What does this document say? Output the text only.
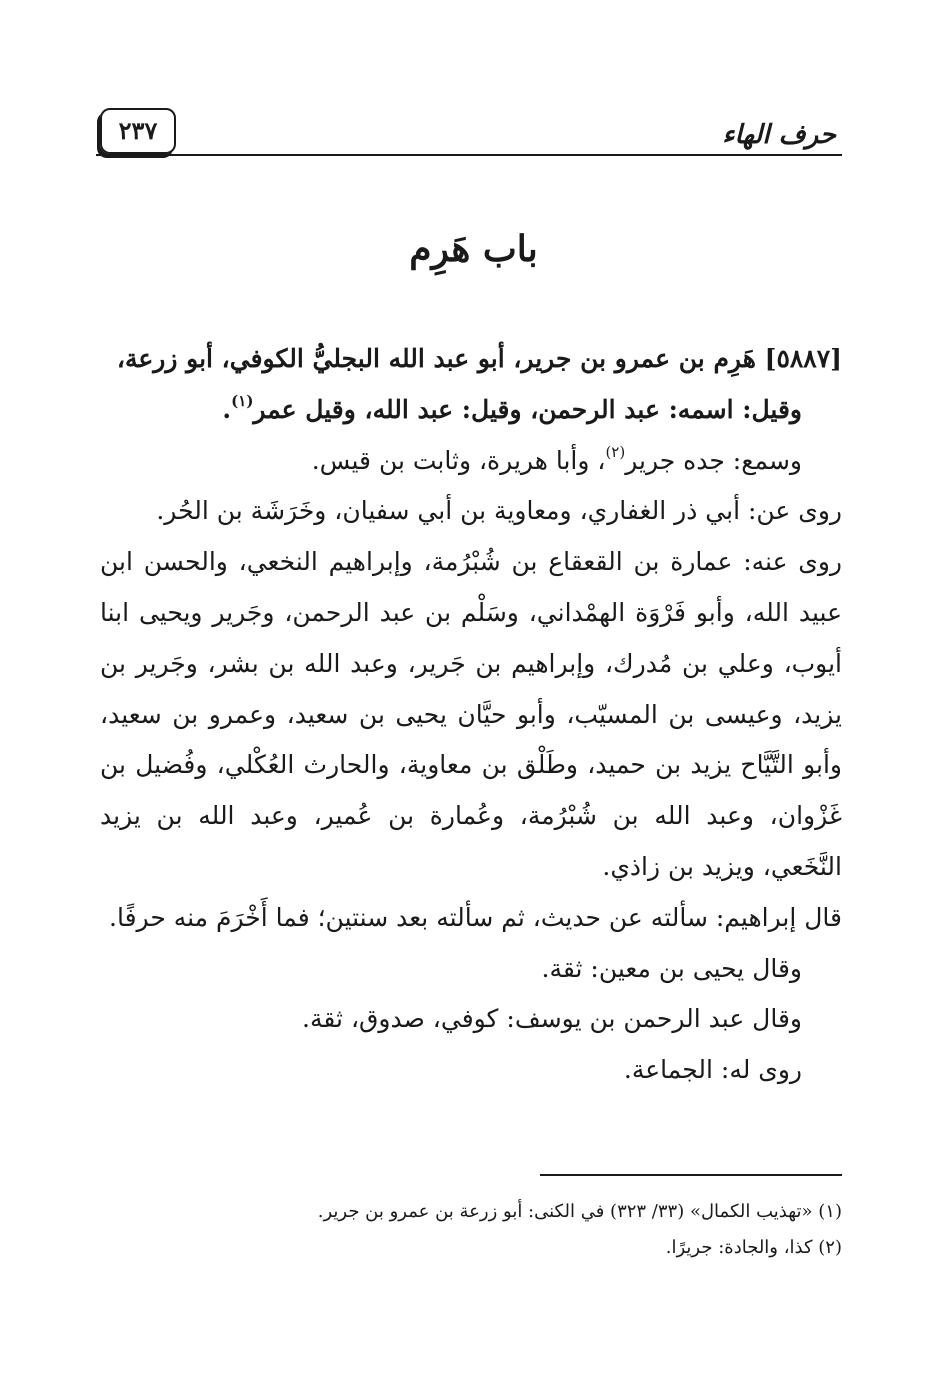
حرف الهاء
٢٣٧
باب هَرِم

[٥٨٨٧] هَرِم بن عمرو بن جرير، أبو عبد الله البجليُّ الكوفي، أبو زرعة،

وقيل: اسمه: عبد الرحمن، وقيل: عبد الله، وقيل عمر$^{(١)}$.

وسمع: جده جرير$^{(٢)}$، وأبا هريرة، وثابت بن قيس.

روى عن: أبي ذر الغفاري، ومعاوية بن أبي سفيان، وخَرَشَة بن الحُر.

روى عنه: عمارة بن القعقاع بن شُبْرُمة، وإبراهيم النخعي، والحسن ابن عبيد الله، وأبو فَرْوَة الهمْداني، وسَلْم بن عبد الرحمن، وجَرير ويحيى ابنا أيوب، وعلي بن مُدرك، وإبراهيم بن جَرير، وعبد الله بن بشر، وجَرير بن يزيد، وعيسى بن المسيّب، وأبو حيَّان يحيى بن سعيد، وعمرو بن سعيد، وأبو التَّيَّاح يزيد بن حميد، وطَلْق بن معاوية، والحارث العُكْلي، وفُضيل بن غَزْوان، وعبد الله بن شُبْرُمة، وعُمارة بن عُمير، وعبد الله بن يزيد النَّخَعي، ويزيد بن زاذي.

قال إبراهيم: سألته عن حديث، ثم سألته بعد سنتين؛ فما أَخْرَمَ منه حرفًا.

وقال يحيى بن معين: ثقة.

وقال عبد الرحمن بن يوسف: كوفي، صدوق، ثقة.

روى له: الجماعة.

(١) «تهذيب الكمال» (٣٣/ ٣٢٣) في الكنى: أبو زرعة بن عمرو بن جرير.

(٢) كذا، والجادة: جريرًا.
